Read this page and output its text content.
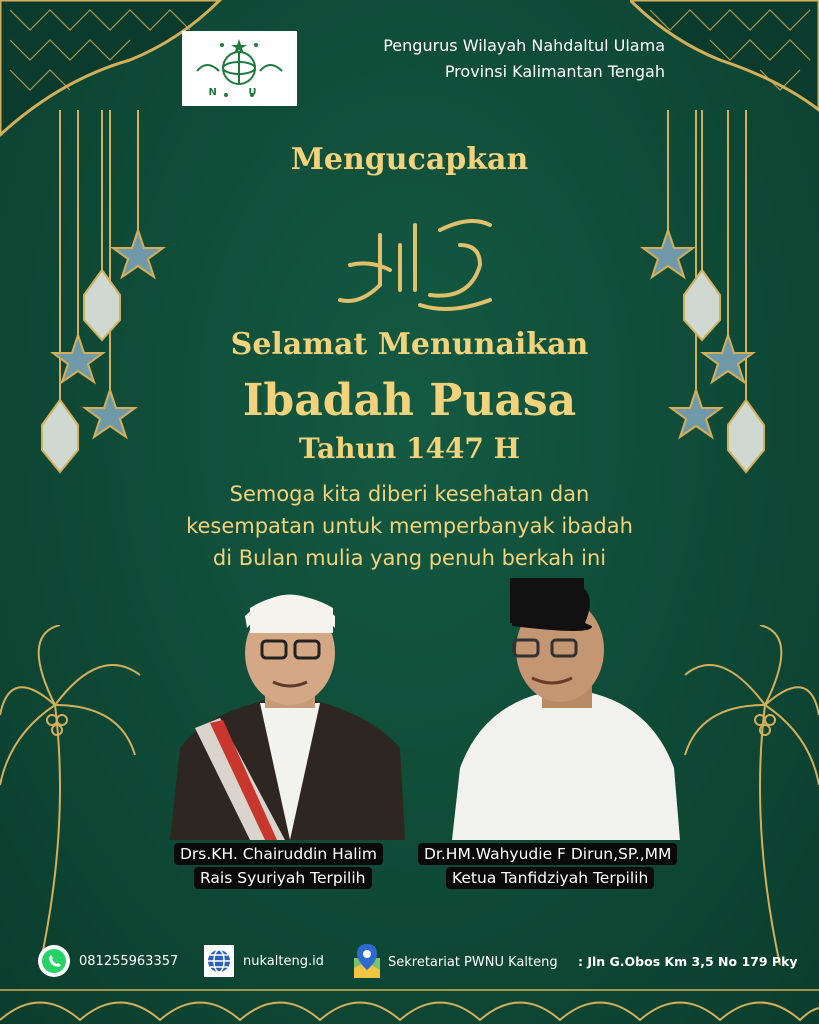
N U
Pengurus Wilayah Nahdaltul Ulama
Provinsi Kalimantan Tengah
Mengucapkan
Selamat Menunaikan
Ibadah Puasa
Tahun 1447 H
Semoga kita diberi kesehatan dan
kesempatan untuk memperbanyak ibadah
di Bulan mulia yang penuh berkah ini
Drs.KH. Chairuddin Halim
Rais Syuriyah Terpilih
Dr.HM.Wahyudie F Dirun,SP.,MM
Ketua Tanfidziyah Terpilih
081255963357	nukalteng.id	Sekretariat PWNU Kalteng : Jln G.Obos Km 3,5 No 179 Pky
